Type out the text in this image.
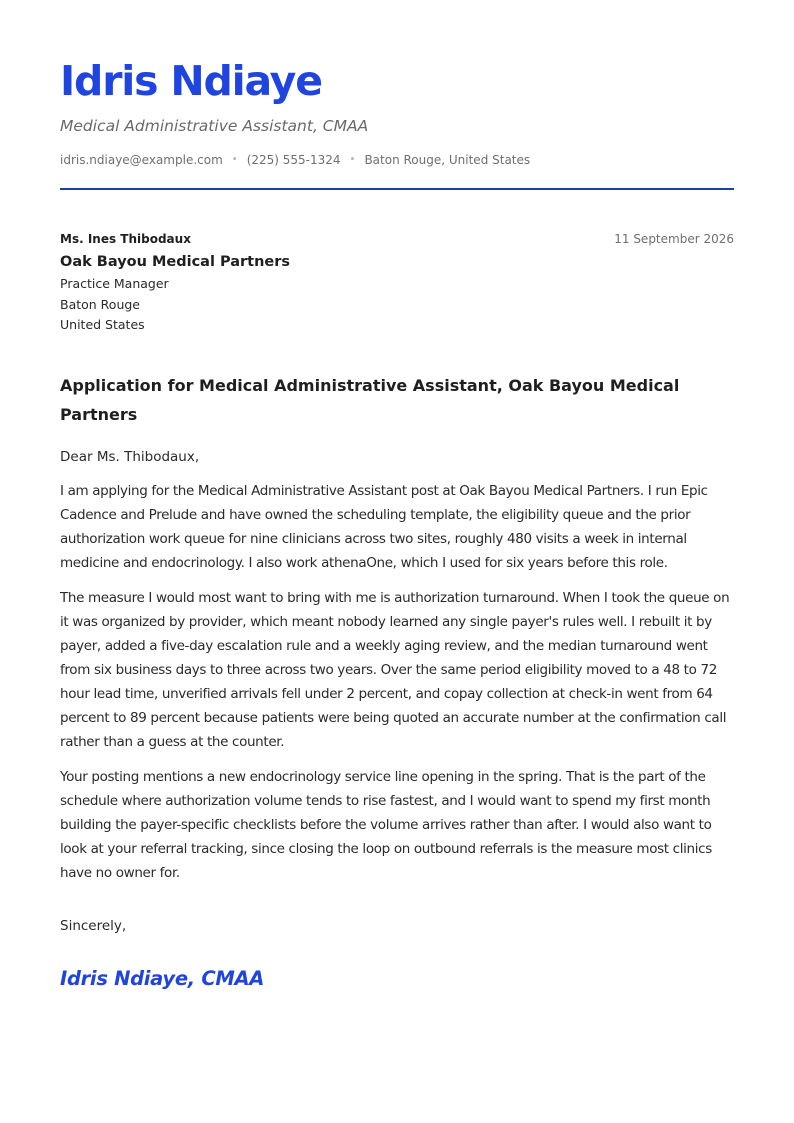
Idris Ndiaye
Medical Administrative Assistant, CMAA
idris.ndiaye@example.com • (225) 555-1324 • Baton Rouge, United States
Ms. Ines Thibodaux	11 September 2026
Oak Bayou Medical Partners
Practice Manager
Baton Rouge
United States
Application for Medical Administrative Assistant, Oak Bayou Medical Partners
Dear Ms. Thibodaux,
I am applying for the Medical Administrative Assistant post at Oak Bayou Medical Partners. I run Epic Cadence and Prelude and have owned the scheduling template, the eligibility queue and the prior authorization work queue for nine clinicians across two sites, roughly 480 visits a week in internal medicine and endocrinology. I also work athenaOne, which I used for six years before this role.
The measure I would most want to bring with me is authorization turnaround. When I took the queue on it was organized by provider, which meant nobody learned any single payer's rules well. I rebuilt it by payer, added a five-day escalation rule and a weekly aging review, and the median turnaround went from six business days to three across two years. Over the same period eligibility moved to a 48 to 72 hour lead time, unverified arrivals fell under 2 percent, and copay collection at check-in went from 64 percent to 89 percent because patients were being quoted an accurate number at the confirmation call rather than a guess at the counter.
Your posting mentions a new endocrinology service line opening in the spring. That is the part of the schedule where authorization volume tends to rise fastest, and I would want to spend my first month building the payer-specific checklists before the volume arrives rather than after. I would also want to look at your referral tracking, since closing the loop on outbound referrals is the measure most clinics have no owner for.
Sincerely,
Idris Ndiaye, CMAA
